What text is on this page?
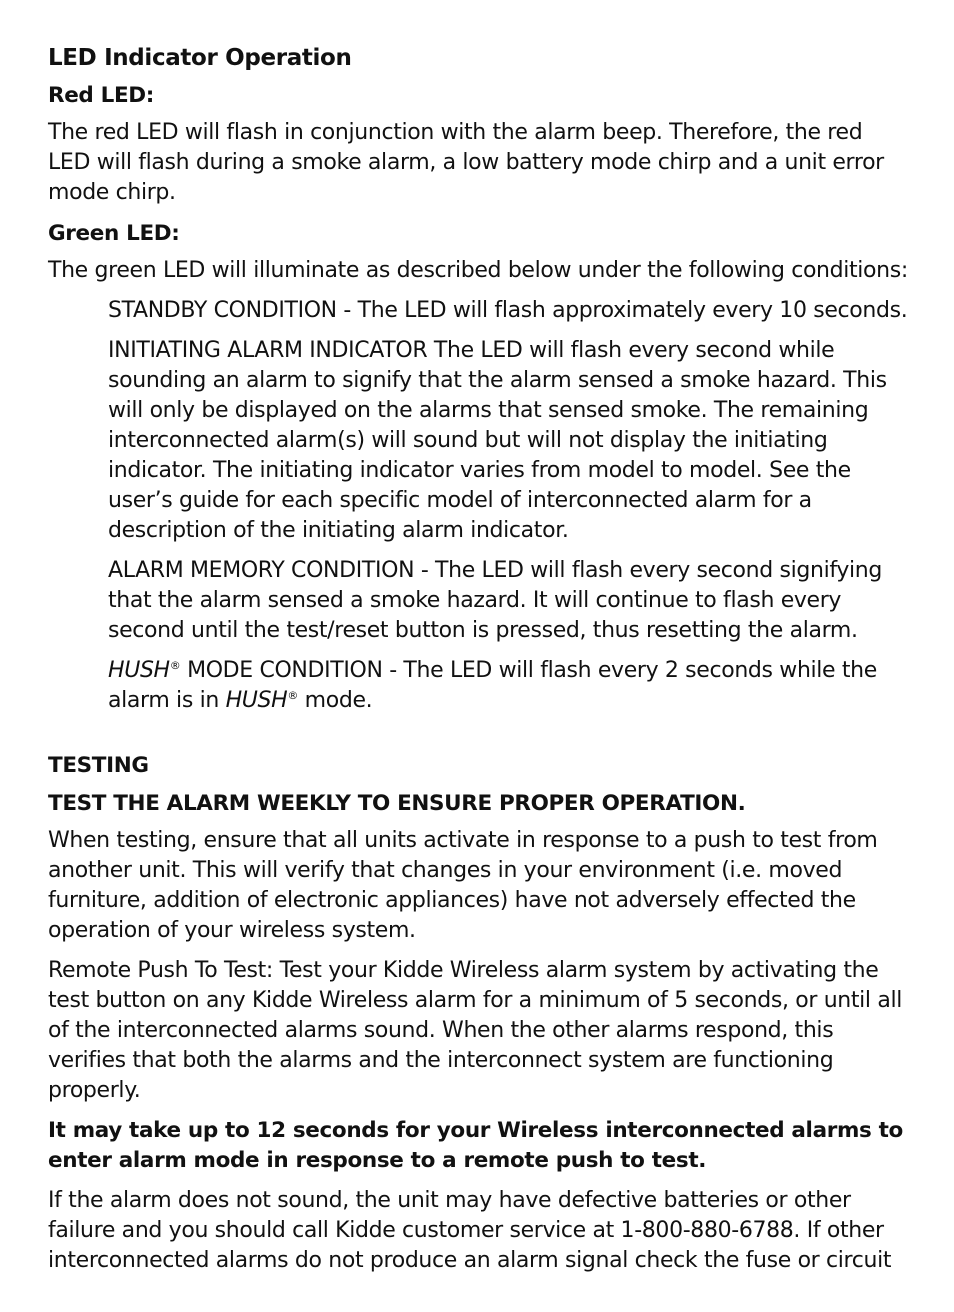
LED Indicator Operation
Red LED:

The red LED will flash in conjunction with the alarm beep. Therefore, the red LED will flash during a smoke alarm, a low battery mode chirp and a unit error mode chirp.

Green LED:

The green LED will illuminate as described below under the following conditions:

STANDBY CONDITION - The LED will flash approximately every 10 seconds.

INITIATING ALARM INDICATOR The LED will flash every second while sounding an alarm to signify that the alarm sensed a smoke hazard. This will only be displayed on the alarms that sensed smoke. The remaining interconnected alarm(s) will sound but will not display the initiating indicator. The initiating indicator varies from model to model. See the user’s guide for each specific model of interconnected alarm for a description of the initiating alarm indicator.

ALARM MEMORY CONDITION - The LED will flash every second signifying that the alarm sensed a smoke hazard. It will continue to flash every second until the test/reset button is pressed, thus resetting the alarm.

HUSH® MODE CONDITION - The LED will flash every 2 seconds while the alarm is in HUSH® mode.

TESTING
TEST THE ALARM WEEKLY TO ENSURE PROPER OPERATION.

When testing, ensure that all units activate in response to a push to test from another unit. This will verify that changes in your environment (i.e. moved furniture, addition of electronic appliances) have not adversely effected the operation of your wireless system.

Remote Push To Test: Test your Kidde Wireless alarm system by activating the test button on any Kidde Wireless alarm for a minimum of 5 seconds, or until all of the interconnected alarms sound. When the other alarms respond, this verifies that both the alarms and the interconnect system are functioning properly.

It may take up to 12 seconds for your Wireless interconnected alarms to enter alarm mode in response to a remote push to test.

If the alarm does not sound, the unit may have defective batteries or other failure and you should call Kidde customer service at 1-800-880-6788. If other interconnected alarms do not produce an alarm signal check the fuse or circuit
